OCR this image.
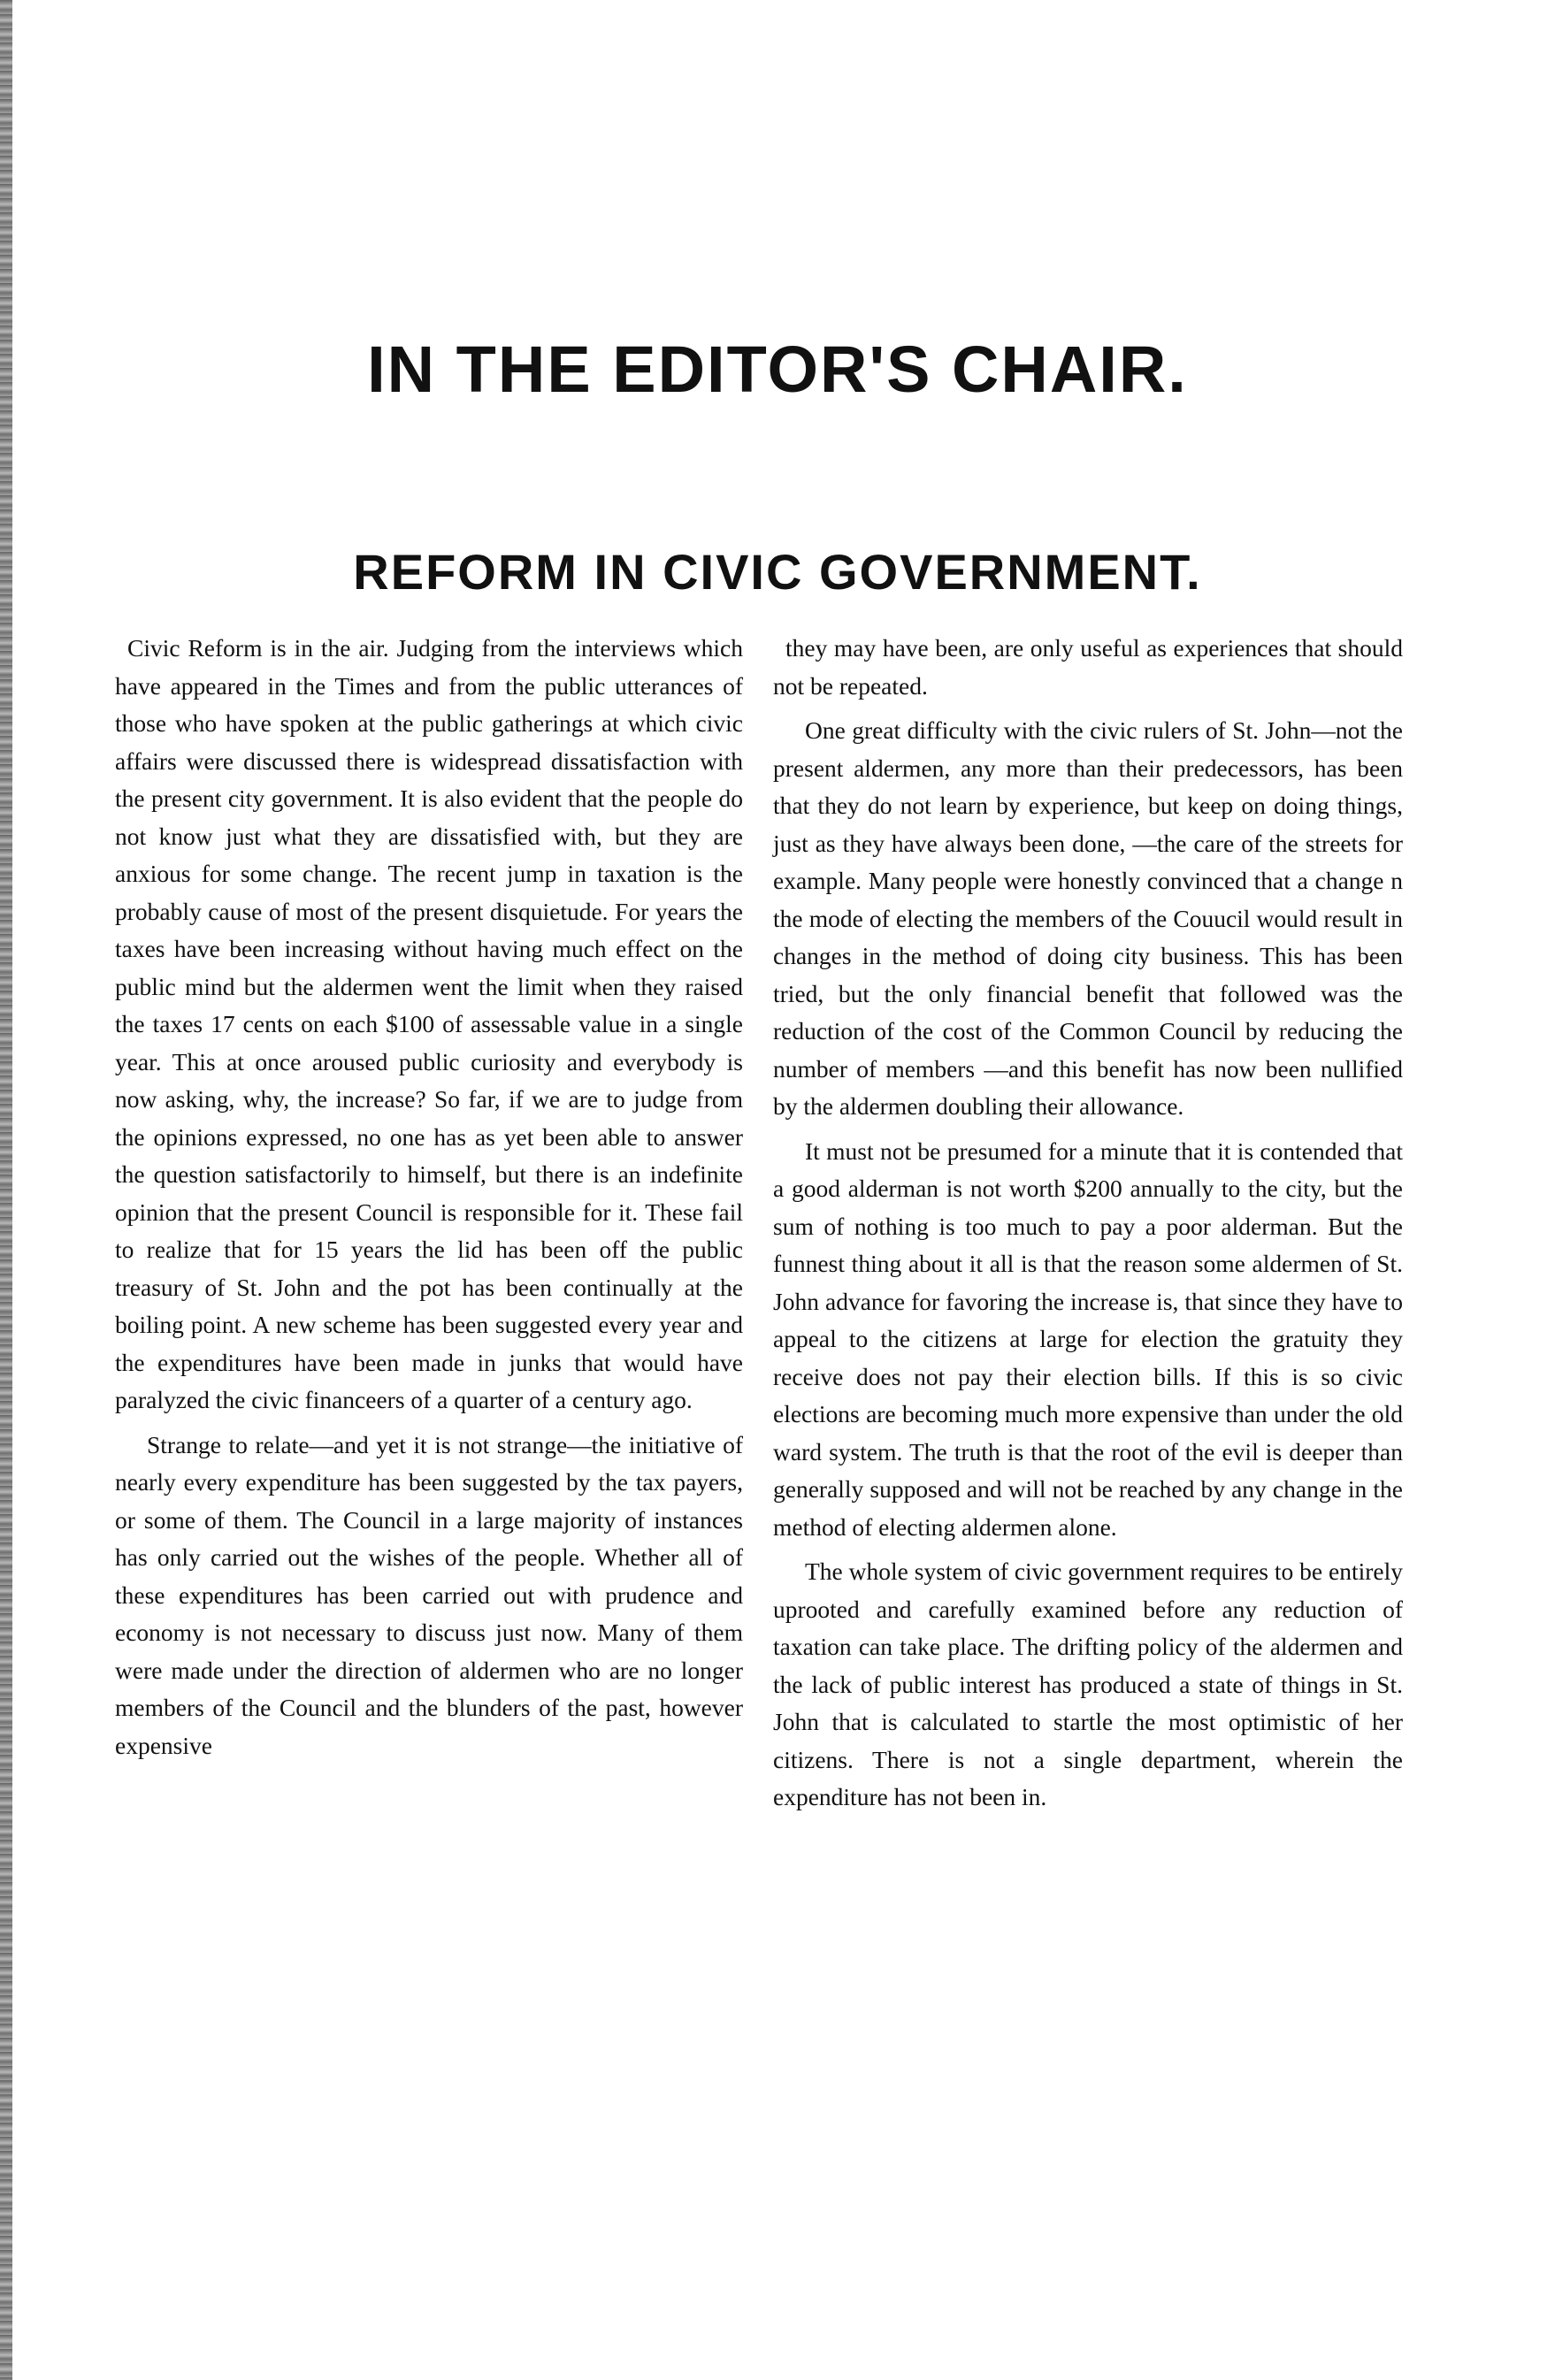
IN THE EDITOR'S CHAIR.
REFORM IN CIVIC GOVERNMENT.

Civic Reform is in the air. Judging from the interviews which have appeared in the Times and from the public utterances of those who have spoken at the public gatherings at which civic affairs were discussed there is widespread dissatisfaction with the present city government. It is also evident that the people do not know just what they are dissatisfied with, but they are anxious for some change. The recent jump in taxation is the probably cause of most of the present disquietude. For years the taxes have been increasing without having much effect on the public mind but the aldermen went the limit when they raised the taxes 17 cents on each $100 of assessable value in a single year. This at once aroused public curiosity and everybody is now asking, why, the increase? So far, if we are to judge from the opinions expressed, no one has as yet been able to answer the question satisfactorily to himself, but there is an indefinite opinion that the present Council is responsible for it. These fail to realize that for 15 years the lid has been off the public treasury of St. John and the pot has been continually at the boiling point. A new scheme has been suggested every year and the expenditures have been made in junks that would have paralyzed the civic financeers of a quarter of a century ago.

Strange to relate—and yet it is not strange—the initiative of nearly every expenditure has been suggested by the tax payers, or some of them. The Council in a large majority of instances has only carried out the wishes of the people. Whether all of these expenditures has been carried out with prudence and economy is not necessary to discuss just now. Many of them were made under the direction of aldermen who are no longer members of the Council and the blunders of the past, however expensive

they may have been, are only useful as experiences that should not be repeated.

One great difficulty with the civic rulers of St. John—not the present aldermen, any more than their predecessors, has been that they do not learn by experience, but keep on doing things, just as they have always been done, —the care of the streets for example. Many people were honestly convinced that a change n the mode of electing the members of the Couucil would result in changes in the method of doing city business. This has been tried, but the only financial benefit that followed was the reduction of the cost of the Common Council by reducing the number of members —and this benefit has now been nullified by the aldermen doubling their allowance.

It must not be presumed for a minute that it is contended that a good alderman is not worth $200 annually to the city, but the sum of nothing is too much to pay a poor alderman. But the funnest thing about it all is that the reason some aldermen of St. John advance for favoring the increase is, that since they have to appeal to the citizens at large for election the gratuity they receive does not pay their election bills. If this is so civic elections are becoming much more expensive than under the old ward system. The truth is that the root of the evil is deeper than generally supposed and will not be reached by any change in the method of electing aldermen alone.

The whole system of civic government requires to be entirely uprooted and carefully examined before any reduction of taxation can take place. The drifting policy of the aldermen and the lack of public interest has produced a state of things in St. John that is calculated to startle the most optimistic of her citizens. There is not a single department, wherein the expenditure has not been in.
